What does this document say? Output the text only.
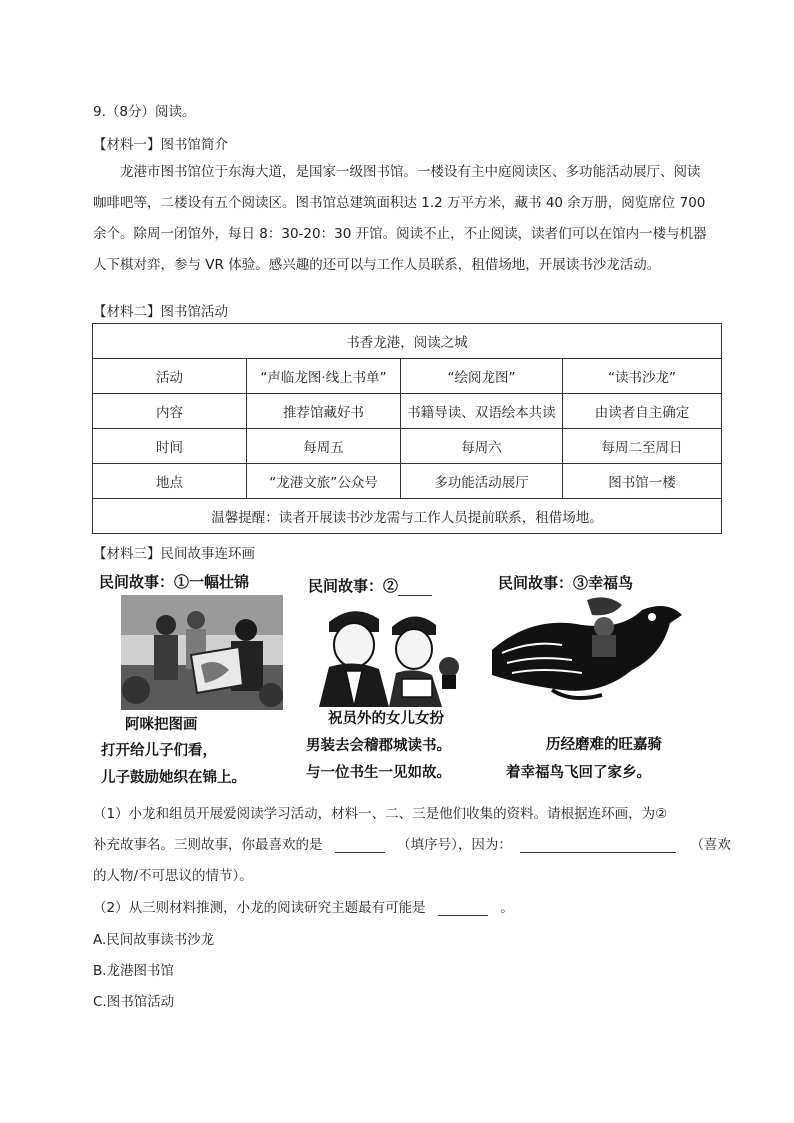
9.（8分）阅读。
【材料一】图书馆简介
龙港市图书馆位于东海大道，是国家一级图书馆。一楼设有主中庭阅读区、多功能活动展厅、阅读
咖啡吧等，二楼设有五个阅读区。图书馆总建筑面积达 1.2 万平方米，藏书 40 余万册，阅览席位 700
余个。除周一闭馆外，每日 8：30-20：30 开馆。阅读不止，不止阅读，读者们可以在馆内一楼与机器
人下棋对弈，参与 VR 体验。感兴趣的还可以与工作人员联系，租借场地，开展读书沙龙活动。
【材料二】图书馆活动
书香龙港，阅读之城			
活动	“声临龙图·线上书单”	“绘阅龙图”	“读书沙龙”
内容	推荐馆藏好书	书籍导读、双语绘本共读	由读者自主确定
时间	每周五	每周六	每周二至周日
地点	“龙港文旅”公众号	多功能活动展厅	图书馆一楼
温馨提醒：读者开展读书沙龙需与工作人员提前联系，租借场地。			
【材料三】民间故事连环画
民间故事：①一幅壮锦
阿咪把图画
打开给儿子们看，
儿子鼓励她织在锦上。
民间故事：②
祝员外的女儿女扮
男装去会稽郡城读书。
与一位书生一见如故。
民间故事：③幸福鸟
历经磨难的旺嘉骑
着幸福鸟飞回了家乡。
（1）小龙和组员开展爱阅读学习活动，材料一、二、三是他们收集的资料。请根据连环画，为②
补充故事名。三则故事，你最喜欢的是	（填序号），因为：	（喜欢
的人物/不可思议的情节）。
（2）从三则材料推测，小龙的阅读研究主题最有可能是	。
A.民间故事读书沙龙
B.龙港图书馆
C.图书馆活动
